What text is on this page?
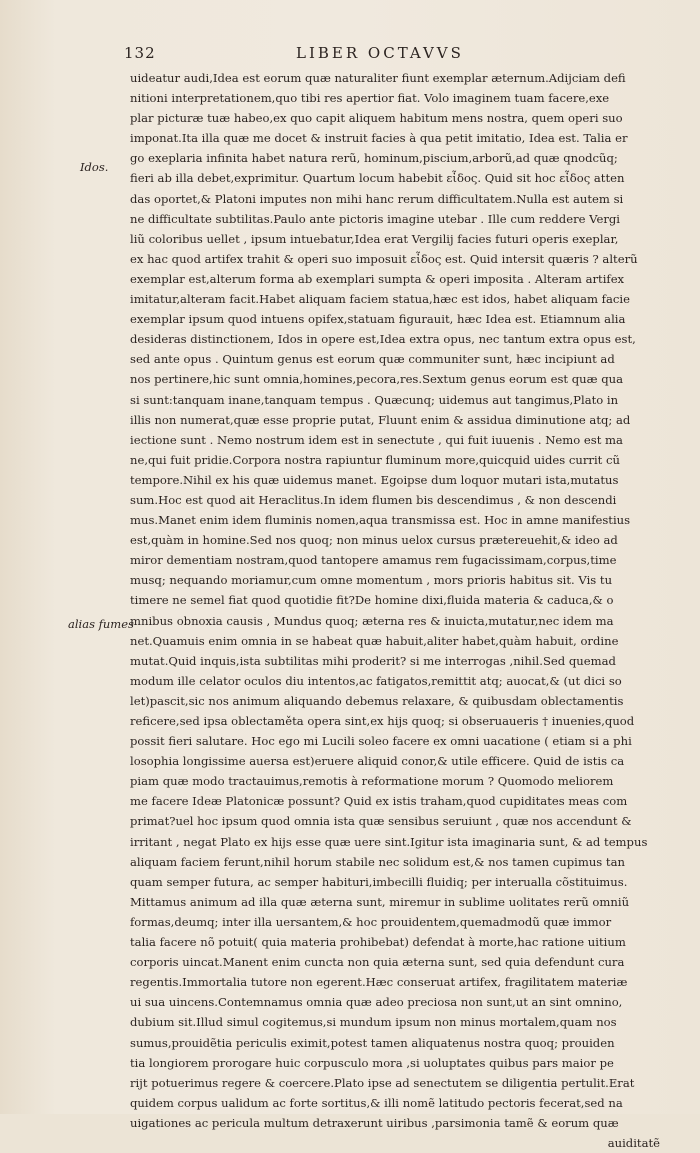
132	LIBER OCTAVVS
Idos.
alias fumes
uideatur audi,Idea est eorum quæ naturaliter fiunt exemplar æternum.Adijciam defi
nitioni interpretationem,quo tibi res apertior fiat. Volo imaginem tuam facere,exe
plar picturæ tuæ habeo,ex quo capit aliquem habitum mens nostra, quem operi suo
imponat.Ita illa quæ me docet & instruit facies à qua petit imitatio, Idea est. Talia er
go exeplaria infinita habet natura rerũ, hominum,piscium,arborũ,ad quæ qnodcũq;
fieri ab illa debet,exprimitur. Quartum locum habebit εἶδος. Quid sit hoc εἶδος atten
das oportet,& Platoni imputes non mihi hanc rerum difficultatem.Nulla est autem si
ne difficultate subtilitas.Paulo ante pictoris imagine utebar . Ille cum reddere Vergi
liũ coloribus uellet , ipsum intuebatur,Idea erat Vergilij facies futuri operis exeplar,
ex hac quod artifex trahit & operi suo imposuit εἶδος est. Quid intersit quæris ? alterũ
exemplar est,alterum forma ab exemplari sumpta & operi imposita . Alteram artifex
imitatur,alteram facit.Habet aliquam faciem statua,hæc est idos, habet aliquam facie
exemplar ipsum quod intuens opifex,statuam figurauit, hæc Idea est. Etiamnum alia
desideras distinctionem, Idos in opere est,Idea extra opus, nec tantum extra opus est,
sed ante opus . Quintum genus est eorum quæ communiter sunt, hæc incipiunt ad
nos pertinere,hic sunt omnia,homines,pecora,res.Sextum genus eorum est quæ qua
si sunt:tanquam inane,tanquam tempus . Quæcunq; uidemus aut tangimus,Plato in
illis non numerat,quæ esse proprie putat, Fluunt enim & assidua diminutione atq; ad
iectione sunt . Nemo nostrum idem est in senectute , qui fuit iuuenis . Nemo est ma
ne,qui fuit pridie.Corpora nostra rapiuntur fluminum more,quicquid uides currit cũ
tempore.Nihil ex his quæ uidemus manet. Egoipse dum loquor mutari ista,mutatus
sum.Hoc est quod ait Heraclitus.In idem flumen bis descendimus , & non descendi
mus.Manet enim idem fluminis nomen,aqua transmissa est. Hoc in amne manifestius
est,quàm in homine.Sed nos quoq; non minus uelox cursus prætereuehit,& ideo ad
miror dementiam nostram,quod tantopere amamus rem fugacissimam,corpus,time
musq; nequando moriamur,cum omne momentum , mors prioris habitus sit. Vis tu
timere ne semel fiat quod quotidie fit?De homine dixi,fluida materia & caduca,& o
mnibus obnoxia causis , Mundus quoq; æterna res & inuicta,mutatur,nec idem ma
net.Quamuis enim omnia in se habeat quæ habuit,aliter habet,quàm habuit, ordine
mutat.Quid inquis,ista subtilitas mihi proderit? si me interrogas ,nihil.Sed quemad
modum ille celator oculos diu intentos,ac fatigatos,remittit atq; auocat,& (ut dici so
let)pascit,sic nos animum aliquando debemus relaxare, & quibusdam oblectamentis
reficere,sed ipsa oblectaměta opera sint,ex hijs quoq; si obseruaueris † inuenies,quod
possit fieri salutare. Hoc ego mi Lucili soleo facere ex omni uacatione ( etiam si a phi
losophia longissime auersa est)eruere aliquid conor,& utile efficere. Quid de istis ca
piam quæ modo tractauimus,remotis à reformatione morum ? Quomodo meliorem
me facere Ideæ Platonicæ possunt? Quid ex istis traham,quod cupiditates meas com
primat?uel hoc ipsum quod omnia ista quæ sensibus seruiunt , quæ nos accendunt &
irritant , negat Plato ex hijs esse quæ uere sint.Igitur ista imaginaria sunt, & ad tempus
aliquam faciem ferunt,nihil horum stabile nec solidum est,& nos tamen cupimus tan
quam semper futura, ac semper habituri,imbecilli fluidiq; per interualla cõstituimus.
Mittamus animum ad illa quæ æterna sunt, miremur in sublime uolitates rerũ omniũ
formas,deumq; inter illa uersantem,& hoc prouidentem,quemadmodũ quæ immor
talia facere nõ potuit( quia materia prohibebat) defendat à morte,hac ratione uitium
corporis uincat.Manent enim cuncta non quia æterna sunt, sed quia defendunt cura
regentis.Immortalia tutore non egerent.Hæc conseruat artifex, fragilitatem materiæ
ui sua uincens.Contemnamus omnia quæ adeo preciosa non sunt,ut an sint omnino,
dubium sit.Illud simul cogitemus,si mundum ipsum non minus mortalem,quam nos
sumus,prouidẽtia periculis eximit,potest tamen aliquatenus nostra quoq; prouiden
tia longiorem prorogare huic corpusculo mora ,si uoluptates quibus pars maior pe
rijt potuerimus regere & coercere.Plato ipse ad senectutem se diligentia pertulit.Erat
quidem corpus ualidum ac forte sortitus,& illi nomẽ latitudo pectoris fecerat,sed na
uigationes ac pericula multum detraxerunt uiribus ,parsimonia tamẽ & eorum quæ
auiditatẽ
